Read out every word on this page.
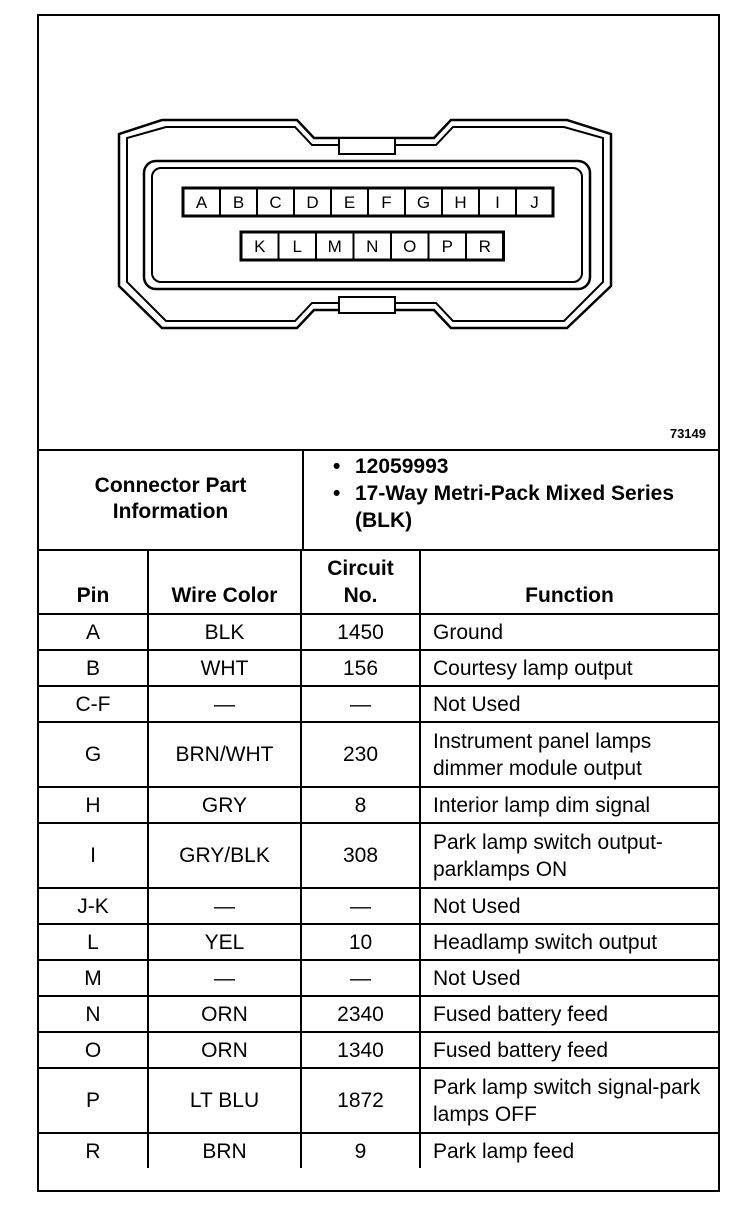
A B C D E F G H I J
K L M N O P R
73149
Connector Part Information
• 12059993
• 17-Way Metri-Pack Mixed Series (BLK)
Pin	Wire Color	Circuit No.	Function
A	BLK	1450	Ground
B	WHT	156	Courtesy lamp output
C-F	—	—	Not Used
G	BRN/WHT	230	Instrument panel lamps dimmer module output
H	GRY	8	Interior lamp dim signal
I	GRY/BLK	308	Park lamp switch output-parklamps ON
J-K	—	—	Not Used
L	YEL	10	Headlamp switch output
M	—	—	Not Used
N	ORN	2340	Fused battery feed
O	ORN	1340	Fused battery feed
P	LT BLU	1872	Park lamp switch signal-park lamps OFF
R	BRN	9	Park lamp feed
